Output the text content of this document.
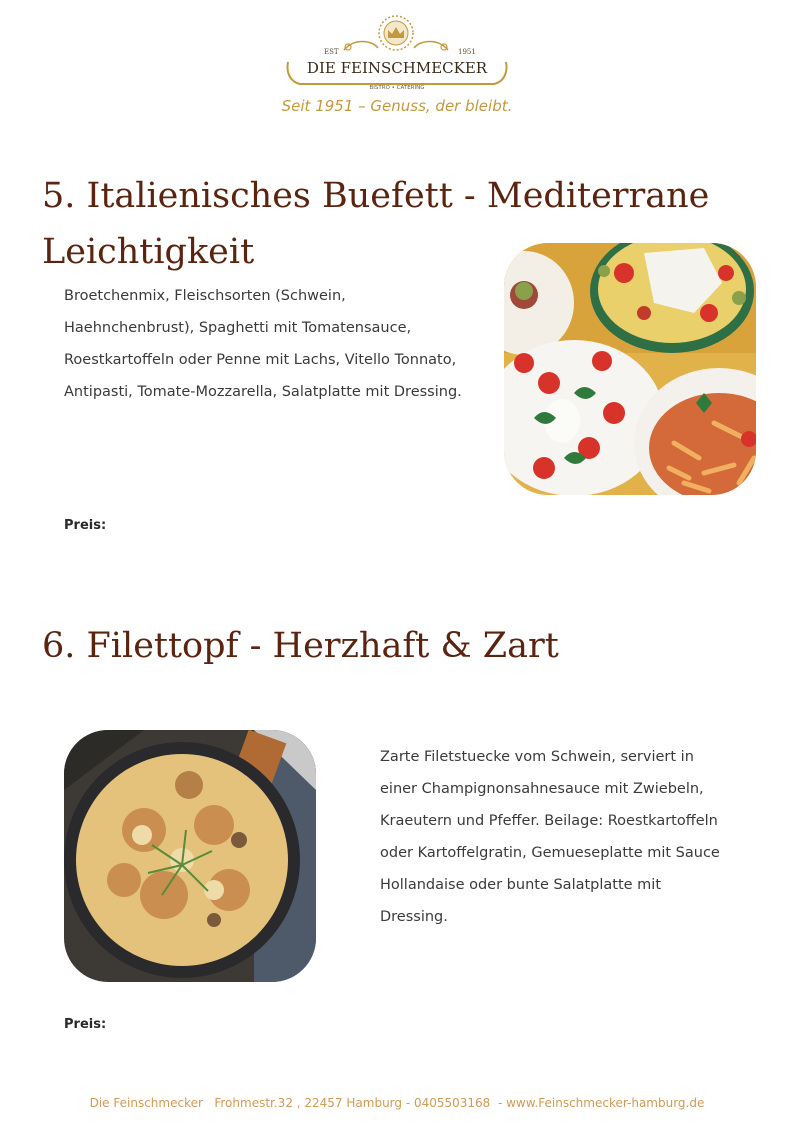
EST	1951
DIE FEINSCHMECKER
BISTRO • CATERING
Seit 1951 – Genuss, der bleibt.
5. Italienisches Buefett - Mediterrane
Leichtigkeit
Broetchenmix, Fleischsorten (Schwein,
Haehnchenbrust), Spaghetti mit Tomatensauce,
Roestkartoffeln oder Penne mit Lachs, Vitello Tonnato,
Antipasti, Tomate-Mozzarella, Salatplatte mit Dressing.
Preis:
6. Filettopf - Herzhaft & Zart
Zarte Filetstuecke vom Schwein, serviert in
einer Champignonsahnesauce mit Zwiebeln,
Kraeutern und Pfeffer. Beilage: Roestkartoffeln
oder Kartoffelgratin, Gemueseplatte mit Sauce
Hollandaise oder bunte Salatplatte mit
Dressing.
Preis:
Die Feinschmecker   Frohmestr.32 , 22457 Hamburg - 0405503168  - www.Feinschmecker-hamburg.de
